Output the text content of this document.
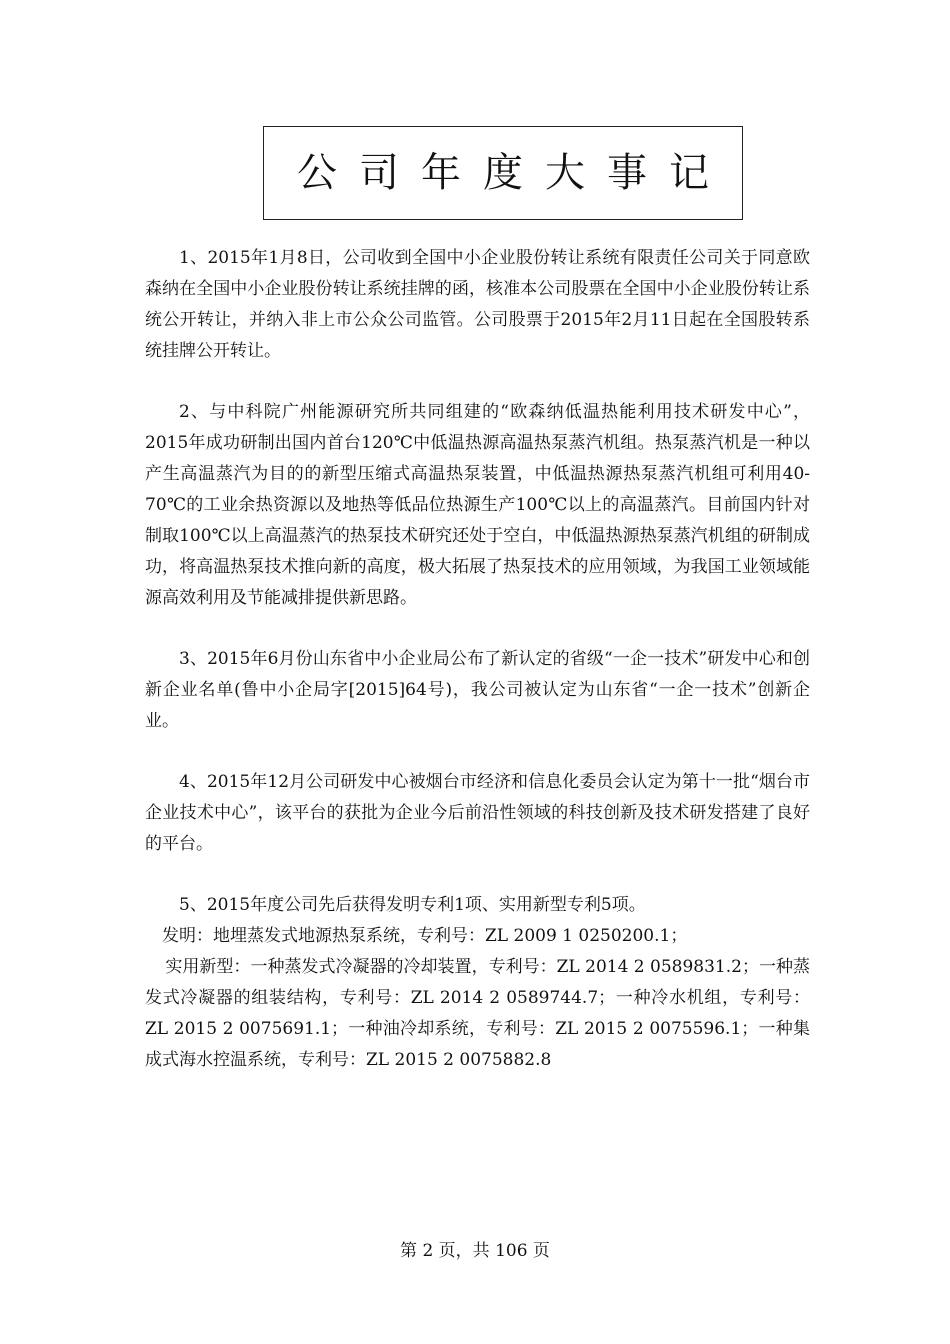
公司年度大事记

1、2015年1月8日，公司收到全国中小企业股份转让系统有限责任公司关于同意欧森纳在全国中小企业股份转让系统挂牌的函，核准本公司股票在全国中小企业股份转让系统公开转让，并纳入非上市公众公司监管。公司股票于2015年2月11日起在全国股转系统挂牌公开转让。

2、与中科院广州能源研究所共同组建的“欧森纳低温热能利用技术研发中心”，2015年成功研制出国内首台120℃中低温热源高温热泵蒸汽机组。热泵蒸汽机是一种以产生高温蒸汽为目的的新型压缩式高温热泵装置，中低温热源热泵蒸汽机组可利用40-70℃的工业余热资源以及地热等低品位热源生产100℃以上的高温蒸汽。目前国内针对制取100℃以上高温蒸汽的热泵技术研究还处于空白，中低温热源热泵蒸汽机组的研制成功，将高温热泵技术推向新的高度，极大拓展了热泵技术的应用领域，为我国工业领域能源高效利用及节能减排提供新思路。

3、2015年6月份山东省中小企业局公布了新认定的省级“一企一技术”研发中心和创新企业名单(鲁中小企局字[2015]64号)，我公司被认定为山东省“一企一技术”创新企业。

4、2015年12月公司研发中心被烟台市经济和信息化委员会认定为第十一批“烟台市企业技术中心”，该平台的获批为企业今后前沿性领域的科技创新及技术研发搭建了良好的平台。

5、2015年度公司先后获得发明专利1项、实用新型专利5项。

发明：地埋蒸发式地源热泵系统，专利号：ZL 2009 1 0250200.1；

实用新型：一种蒸发式冷凝器的冷却装置，专利号：ZL 2014 2 0589831.2；一种蒸发式冷凝器的组装结构，专利号：ZL 2014 2 0589744.7；一种冷水机组，专利号：ZL 2015 2 0075691.1；一种油冷却系统，专利号：ZL 2015 2 0075596.1；一种集成式海水控温系统，专利号：ZL 2015 2 0075882.8

第 2 页，共 106 页
